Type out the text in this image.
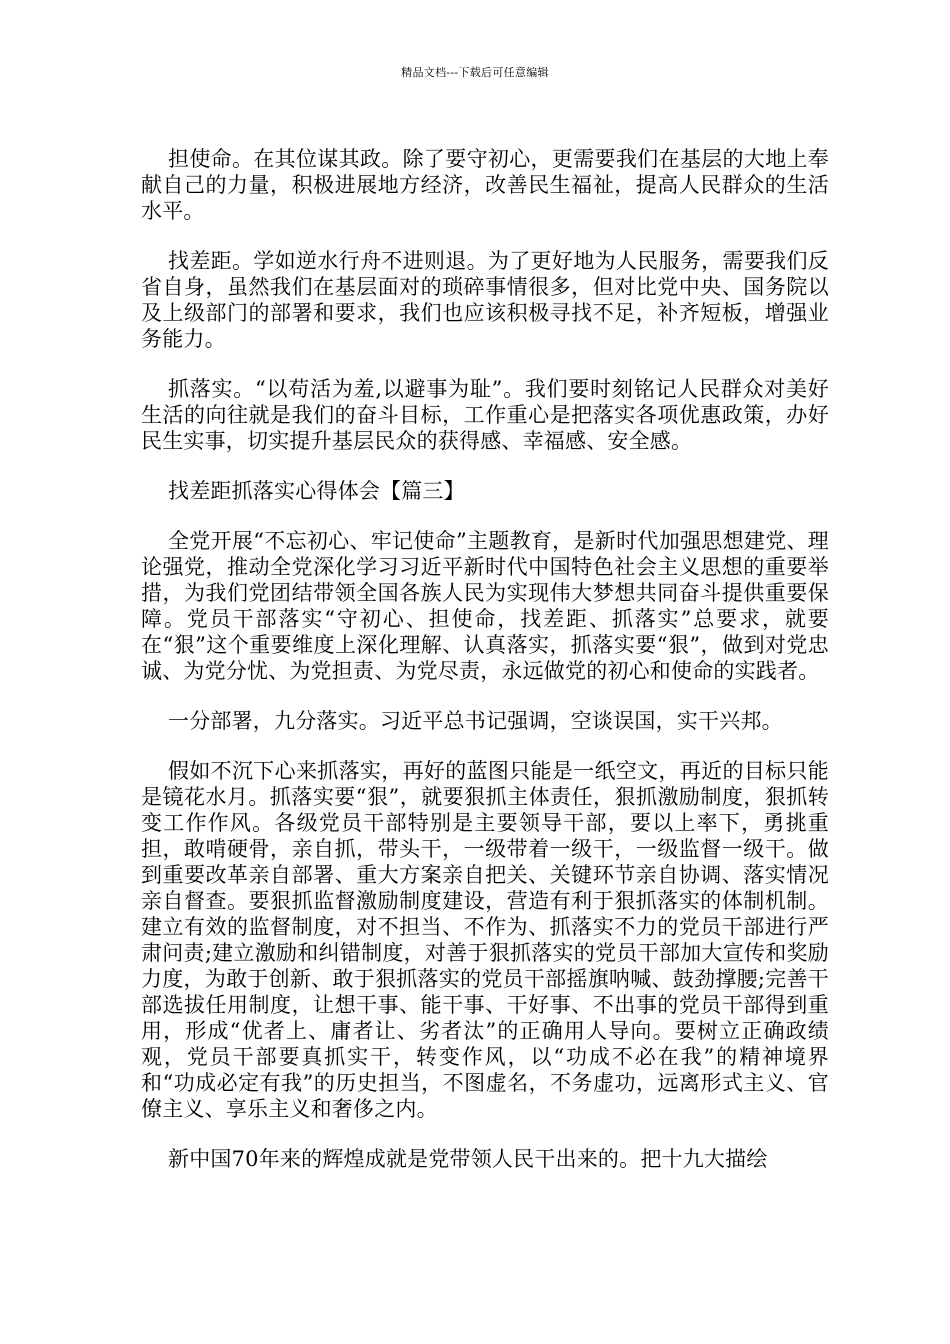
精品文档---下载后可任意编辑

担使命。在其位谋其政。除了要守初心，更需要我们在基层的大地上奉献自己的力量，积极进展地方经济，改善民生福祉，提高人民群众的生活水平。

找差距。学如逆水行舟不进则退。为了更好地为人民服务，需要我们反省自身，虽然我们在基层面对的琐碎事情很多，但对比党中央、国务院以及上级部门的部署和要求，我们也应该积极寻找不足，补齐短板，增强业务能力。

抓落实。“以苟活为羞,以避事为耻”。我们要时刻铭记人民群众对美好生活的向往就是我们的奋斗目标，工作重心是把落实各项优惠政策，办好民生实事，切实提升基层民众的获得感、幸福感、安全感。

找差距抓落实心得体会【篇三】

全党开展“不忘初心、牢记使命”主题教育，是新时代加强思想建党、理论强党，推动全党深化学习习近平新时代中国特色社会主义思想的重要举措，为我们党团结带领全国各族人民为实现伟大梦想共同奋斗提供重要保障。党员干部落实“守初心、担使命，找差距、抓落实”总要求，就要在“狠”这个重要维度上深化理解、认真落实，抓落实要“狠”，做到对党忠诚、为党分忧、为党担责、为党尽责，永远做党的初心和使命的实践者。

一分部署，九分落实。习近平总书记强调，空谈误国，实干兴邦。

假如不沉下心来抓落实，再好的蓝图只能是一纸空文，再近的目标只能是镜花水月。抓落实要“狠”，就要狠抓主体责任，狠抓激励制度，狠抓转变工作作风。各级党员干部特别是主要领导干部，要以上率下，勇挑重担，敢啃硬骨，亲自抓，带头干，一级带着一级干，一级监督一级干。做到重要改革亲自部署、重大方案亲自把关、关键环节亲自协调、落实情况亲自督查。要狠抓监督激励制度建设，营造有利于狠抓落实的体制机制。建立有效的监督制度，对不担当、不作为、抓落实不力的党员干部进行严肃问责;建立激励和纠错制度，对善于狠抓落实的党员干部加大宣传和奖励力度，为敢于创新、敢于狠抓落实的党员干部摇旗呐喊、鼓劲撑腰;完善干部选拔任用制度，让想干事、能干事、干好事、不出事的党员干部得到重用，形成“优者上、庸者让、劣者汰”的正确用人导向。要树立正确政绩观，党员干部要真抓实干，转变作风，以“功成不必在我”的精神境界和“功成必定有我”的历史担当，不图虚名，不务虚功，远离形式主义、官僚主义、享乐主义和奢侈之内。

新中国70年来的辉煌成就是党带领人民干出来的。把十九大描绘
